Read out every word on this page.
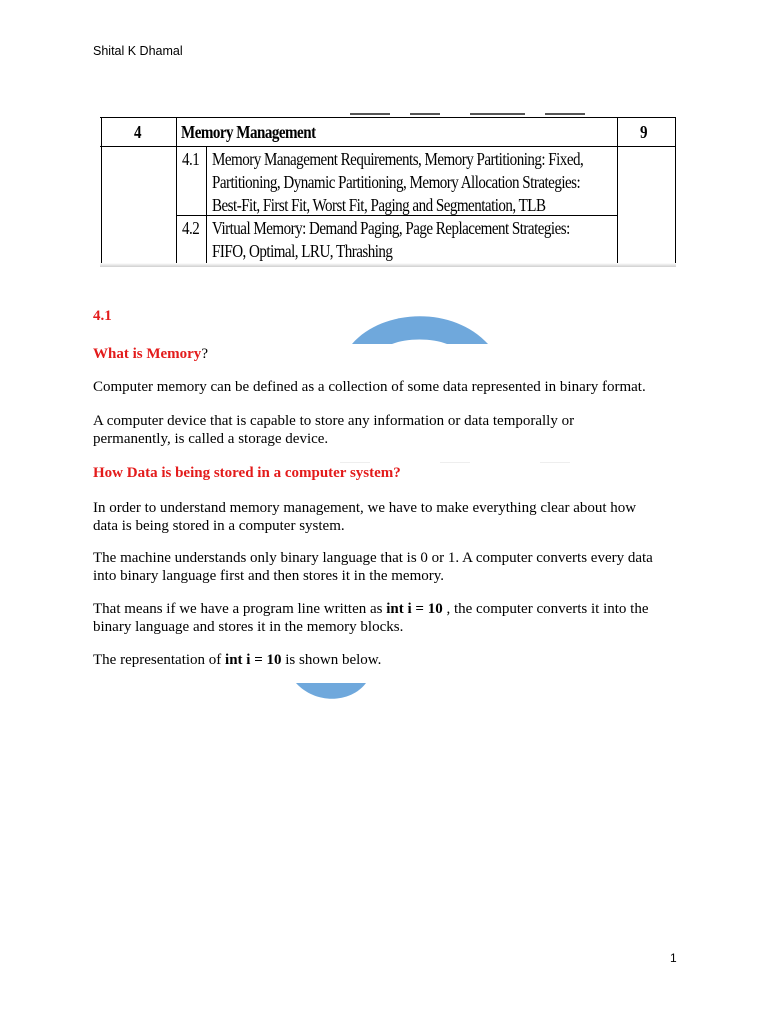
Shital K Dhamal
4 Memory Management	9
4.1 Memory Management Requirements, Memory Partitioning: Fixed,
Partitioning, Dynamic Partitioning, Memory Allocation Strategies:
Best-Fit, First Fit, Worst Fit, Paging and Segmentation, TLB
4.2 Virtual Memory: Demand Paging, Page Replacement Strategies:
FIFO, Optimal, LRU, Thrashing
4.1
What is Memory?
Computer memory can be defined as a collection of some data represented in binary format.
A computer device that is capable to store any information or data temporally or
permanently, is called a storage device.
How Data is being stored in a computer system?
In order to understand memory management, we have to make everything clear about how
data is being stored in a computer system.
The machine understands only binary language that is 0 or 1. A computer converts every data
into binary language first and then stores it in the memory.
That means if we have a program line written as int i = 10 , the computer converts it into the
binary language and stores it in the memory blocks.
The representation of int i = 10 is shown below.
1
